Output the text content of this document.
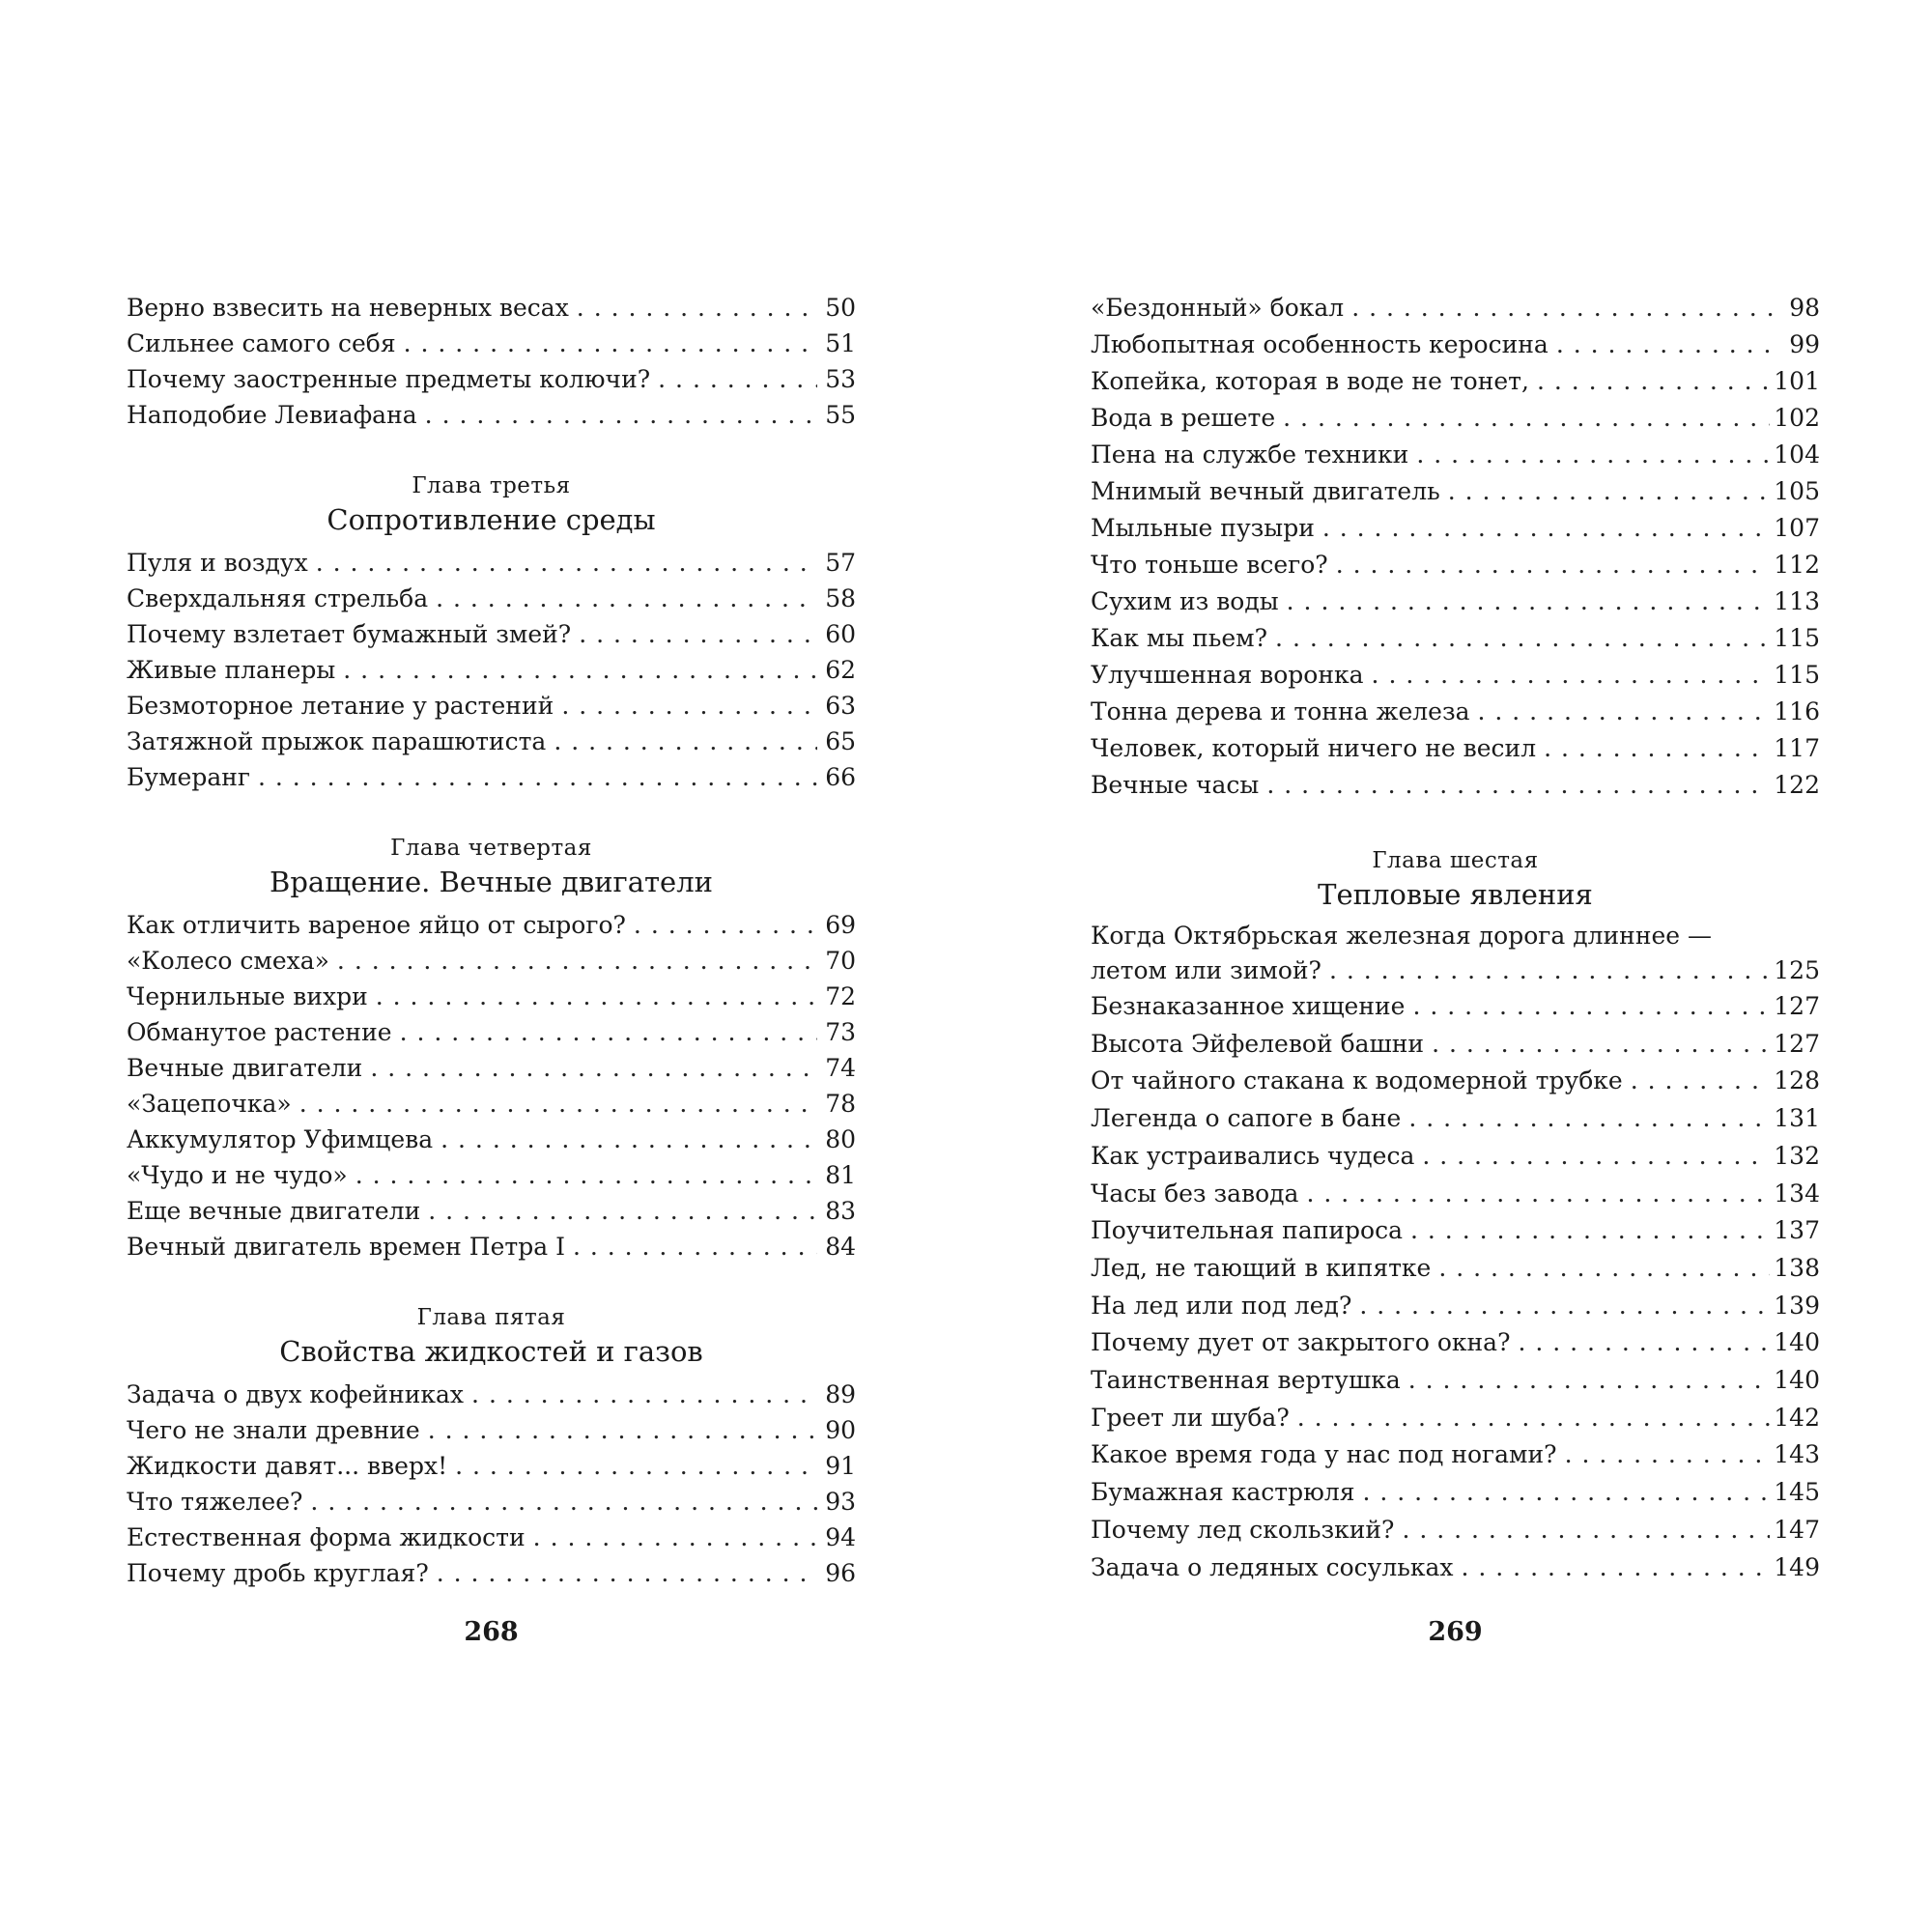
Верно взвесить на неверных весах . . .	50
Сильнее самого себя . . .	51
Почему заостренные предметы колючи? . . .	53
Наподобие Левиафана . . .	55
Глава третья
Сопротивление среды
Пуля и воздух . . .	57
Сверхдальняя стрельба . . .	58
Почему взлетает бумажный змей? . . .	60
Живые планеры . . .	62
Безмоторное летание у растений . . .	63
Затяжной прыжок парашютиста . . .	65
Бумеранг . . .	66
Глава четвертая
Вращение. Вечные двигатели
Как отличить вареное яйцо от сырого? . . .	69
«Колесо смеха» . . .	70
Чернильные вихри . . .	72
Обманутое растение . . .	73
Вечные двигатели . . .	74
«Зацепочка» . . .	78
Аккумулятор Уфимцева . . .	80
«Чудо и не чудо» . . .	81
Еще вечные двигатели . . .	83
Вечный двигатель времен Петра I . . .	84
Глава пятая
Свойства жидкостей и газов
Задача о двух кофейниках . . .	89
Чего не знали древние . . .	90
Жидкости давят... вверх! . . .	91
Что тяжелее? . . .	93
Естественная форма жидкости . . .	94
Почему дробь круглая? . . .	96
«Бездонный» бокал . . .	98
Любопытная особенность керосина . . .	99
Копейка, которая в воде не тонет, . . .	101
Вода в решете . . .	102
Пена на службе техники . . .	104
Мнимый вечный двигатель . . .	105
Мыльные пузыри . . .	107
Что тоньше всего? . . .	112
Сухим из воды . . .	113
Как мы пьем? . . .	115
Улучшенная воронка . . .	115
Тонна дерева и тонна железа . . .	116
Человек, который ничего не весил . . .	117
Вечные часы . . .	122
Глава шестая
Тепловые явления
Когда Октябрьская железная дорога длиннее —
летом или зимой? . . .	125
Безнаказанное хищение . . .	127
Высота Эйфелевой башни . . .	127
От чайного стакана к водомерной трубке . . .	128
Легенда о сапоге в бане . . .	131
Как устраивались чудеса . . .	132
Часы без завода . . .	134
Поучительная папироса . . .	137
Лед, не тающий в кипятке . . .	138
На лед или под лед? . . .	139
Почему дует от закрытого окна? . . .	140
Таинственная вертушка . . .	140
Греет ли шуба? . . .	142
Какое время года у нас под ногами? . . .	143
Бумажная кастрюля . . .	145
Почему лед скользкий? . . .	147
Задача о ледяных сосульках . . .	149
268	269
